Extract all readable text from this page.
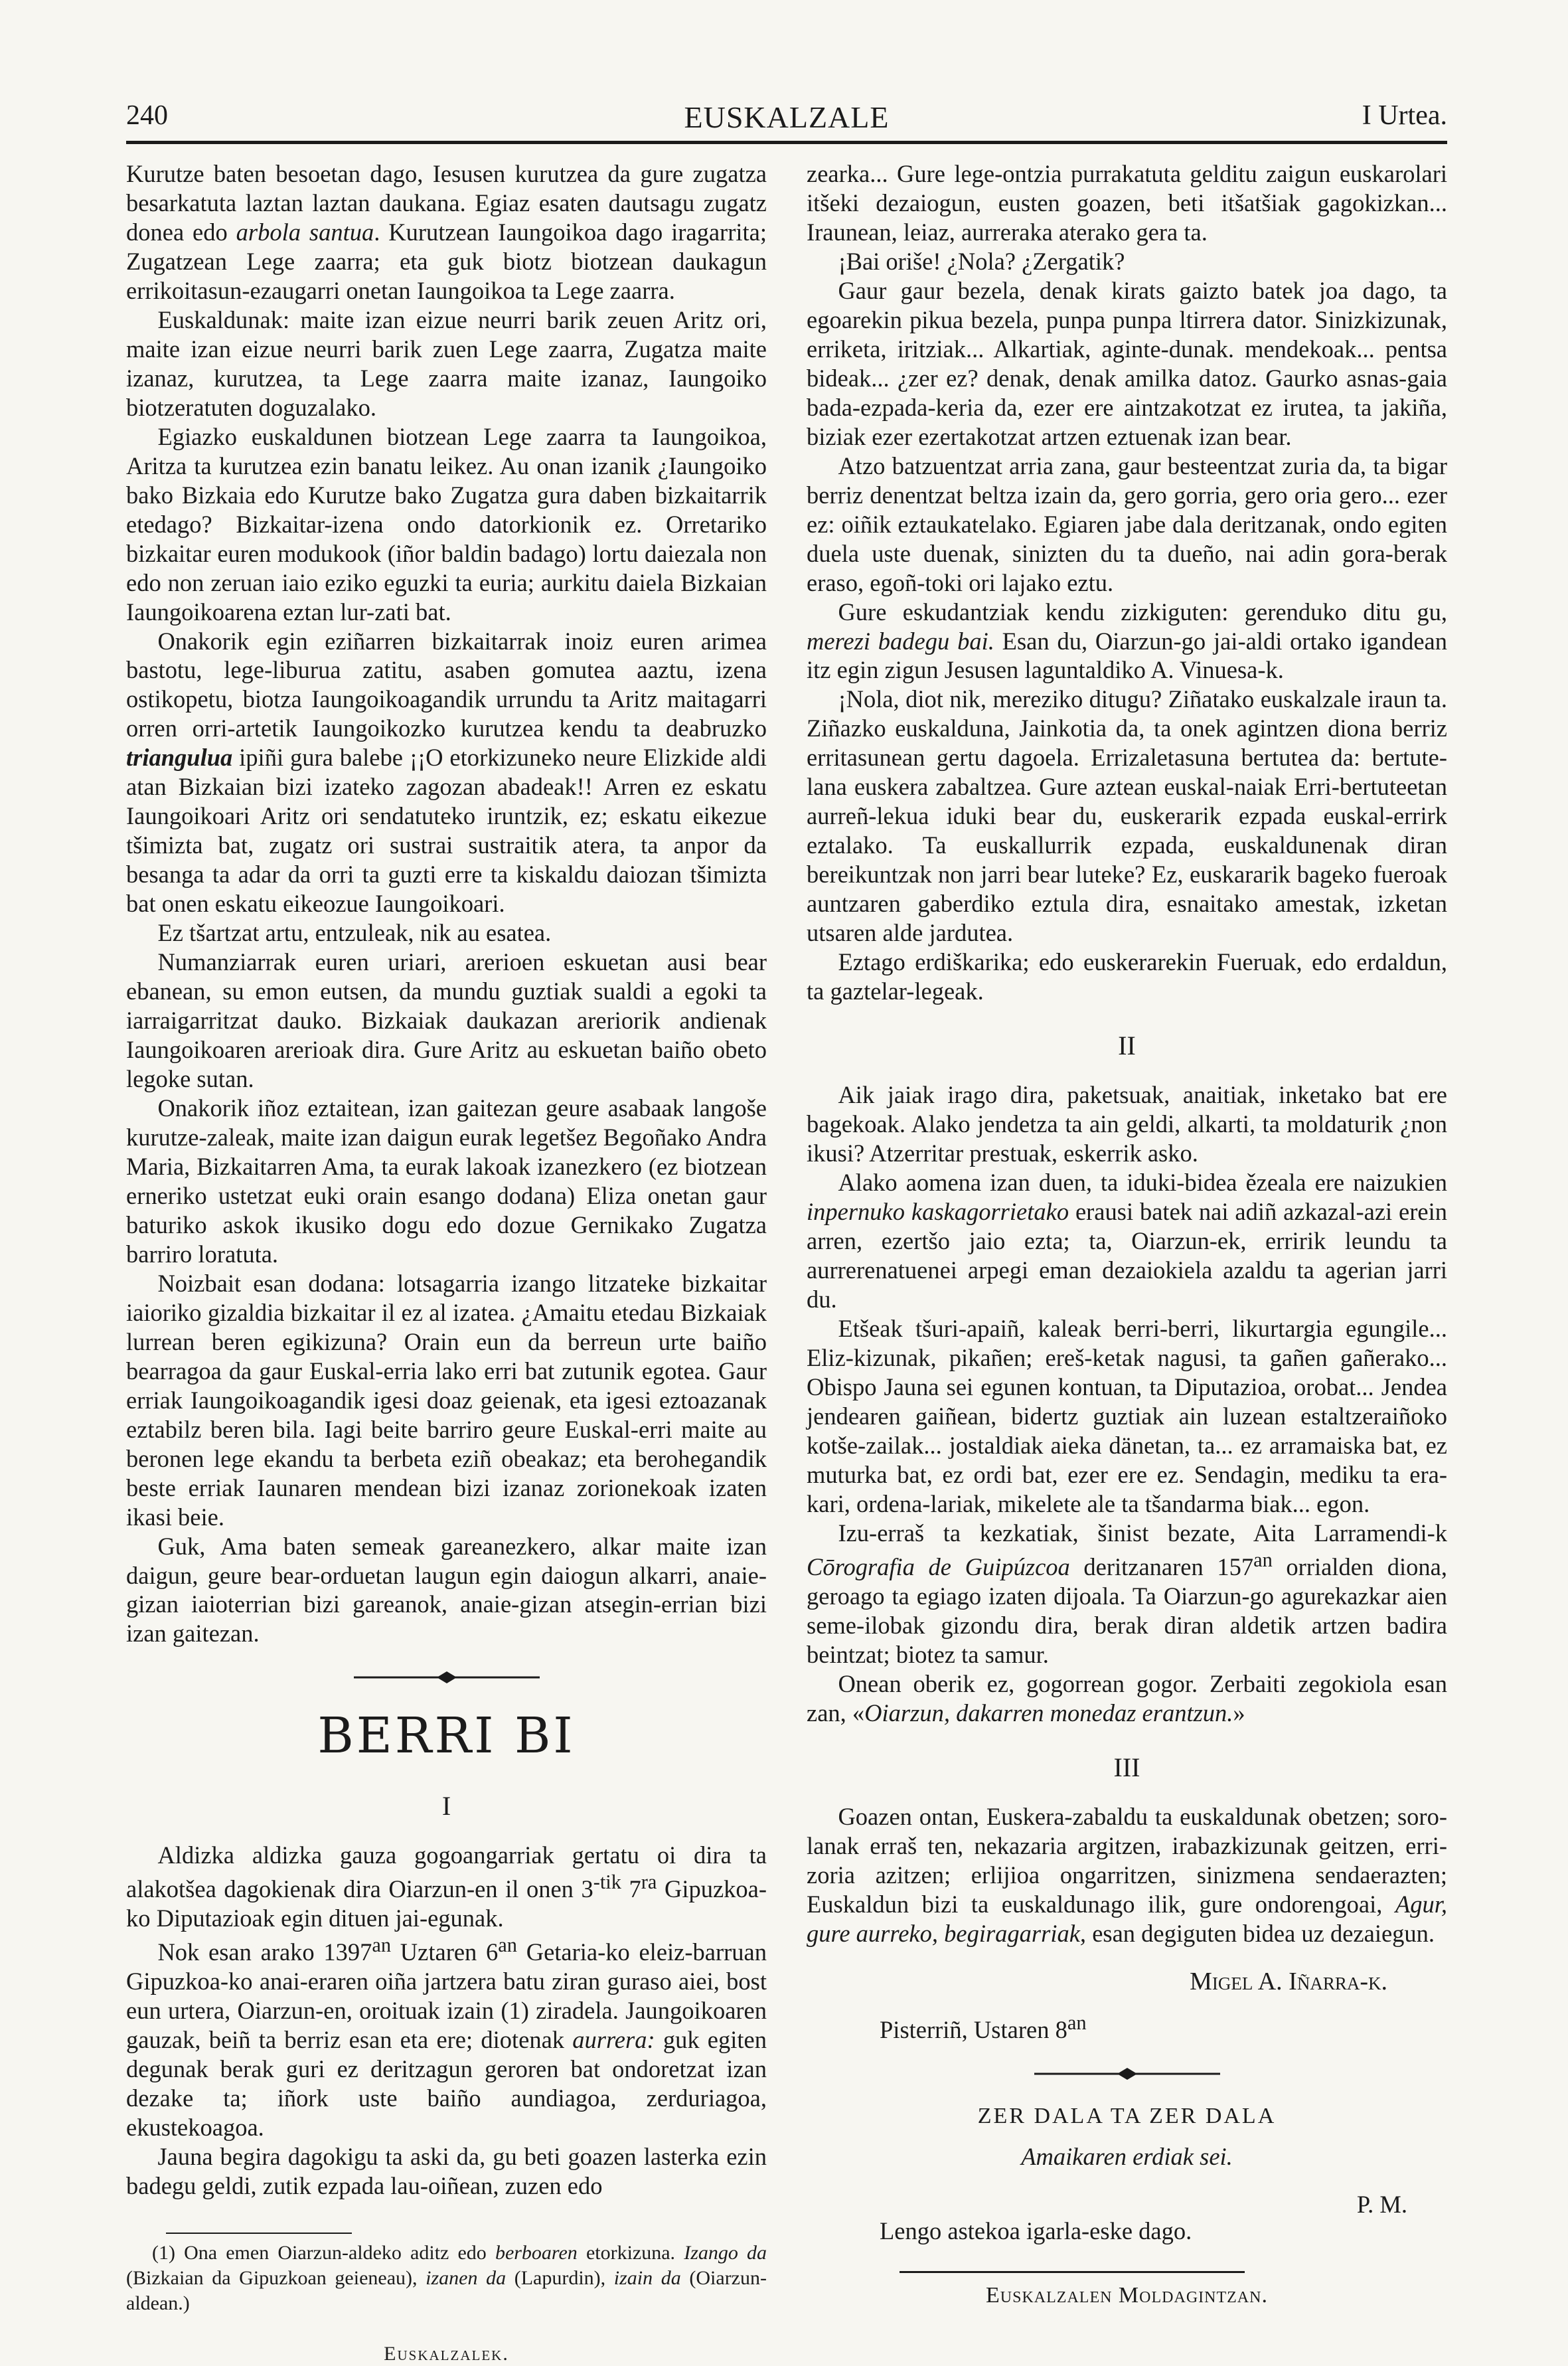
240	EUSKALZALE	I Urtea.

Kurutze baten besoetan dago, Iesusen kurutzea da gure zugatza besarkatuta laztan laztan daukana. Egiaz esaten dautsagu zugatz donea edo arbola santua. Kurutzean Iaungoikoa dago iragarrita; Zugatzean Lege zaarra; eta guk biotz biotzean daukagun errikoitasun-ezaugarri onetan Iaungoikoa ta Lege zaarra.

Euskaldunak: maite izan eizue neurri barik zeuen Aritz ori, maite izan eizue neurri barik zuen Lege zaarra, Zugatza maite izanaz, kurutzea, ta Lege zaarra maite izanaz, Iaungoiko biotzeratuten doguzalako.

Egiazko euskaldunen biotzean Lege zaarra ta Iaungoikoa, Aritza ta kurutzea ezin banatu leikez. Au onan izanik ¿Iaungoiko bako Bizkaia edo Kurutze bako Zugatza gura daben bizkaitarrik etedago? Bizkaitar-izena ondo datorkionik ez. Orretariko bizkaitar euren modukook (iñor baldin badago) lortu daiezala non edo non zeruan iaio eziko eguzki ta euria; aurkitu daiela Bizkaian Iaungoikoarena eztan lur-zati bat.

Onakorik egin eziñarren bizkaitarrak inoiz euren arimea bastotu, lege-liburua zatitu, asaben gomutea aaztu, izena ostikopetu, biotza Iaungoikoagandik urrundu ta Aritz maitagarri orren orri-artetik Iaungoikozko kurutzea kendu ta deabruzko triangulua ipiñi gura balebe ¡¡O etorkizuneko neure Elizkide aldi atan Bizkaian bizi izateko zagozan abadeak!! Arren ez eskatu Iaungoikoari Aritz ori sendatuteko iruntzik, ez; eskatu eikezue tšimizta bat, zugatz ori sustrai sustraitik atera, ta anpor da besanga ta adar da orri ta guzti erre ta kiskaldu daiozan tšimizta bat onen eskatu eikeozue Iaungoikoari.

Ez tšartzat artu, entzuleak, nik au esatea.

Numanziarrak euren uriari, arerioen eskuetan ausi bear ebanean, su emon eutsen, da mundu guztiak sualdi a egoki ta iarraigarritzat dauko. Bizkaiak daukazan areriorik andienak Iaungoikoaren arerioak dira. Gure Aritz au eskuetan baiño obeto legoke sutan.

Onakorik iñoz eztaitean, izan gaitezan geure asabaak langoše kurutze-zaleak, maite izan daigun eurak legetšez Begoñako Andra Maria, Bizkaitarren Ama, ta eurak lakoak izanezkero (ez biotzean erneriko ustetzat euki orain esango dodana) Eliza onetan gaur baturiko askok ikusiko dogu edo dozue Gernikako Zugatza barriro loratuta.

Noizbait esan dodana: lotsagarria izango litzateke bizkaitar iaioriko gizaldia bizkaitar il ez al izatea. ¿Amaitu etedau Bizkaiak lurrean beren egikizuna? Orain eun da berreun urte baiño bearragoa da gaur Euskal-erria lako erri bat zutunik egotea. Gaur erriak Iaungoikoagandik igesi doaz geienak, eta igesi eztoazanak eztabilz beren bila. Iagi beite barriro geure Euskal-erri maite au beronen lege ekandu ta berbeta eziñ obeakaz; eta berohegandik beste erriak Iaunaren mendean bizi izanaz zorionekoak izaten ikasi beie.

Guk, Ama baten semeak gareanezkero, alkar maite izan daigun, geure bear-orduetan laugun egin daiogun alkarri, anaie-gizan iaioterrian bizi gareanok, anaie-gizan atsegin-errian bizi izan gaitezan.

BERRI BI
I

Aldizka aldizka gauza gogoangarriak gertatu oi dira ta alakotšea dagokienak dira Oiarzun-en il onen $3^{-tik}$ $7^{ra}$ Gipuzkoa-ko Diputazioak egin dituen jai-egunak.

Nok esan arako $1397^{an}$ Uztaren $6^{an}$ Getaria-ko eleiz-barruan Gipuzkoa-ko anai-eraren oiña jartzera batu ziran guraso aiei, bost eun urtera, Oiarzun-en, oroituak izain (1) ziradela. Jaungoikoaren gauzak, beiñ ta berriz esan eta ere; diotenak aurrera: guk egiten degunak berak guri ez deritzagun geroren bat ondoretzat izan dezake ta; iñork uste baiño aundiagoa, zerduriagoa, ekustekoagoa.

Jauna begira dagokigu ta aski da, gu beti goazen lasterka ezin badegu geldi, zutik ezpada lau-oiñean, zuzen edo

(1) Ona emen Oiarzun-aldeko aditz edo berboaren etorkizuna. Izango da (Bizkaian da Gipuzkoan geieneau), izanen da (Lapurdin), izain da (Oiarzun-aldean.)

Euskalzalek.

zearka... Gure lege-ontzia purrakatuta gelditu zaigun euskarolari itšeki dezaiogun, eusten goazen, beti itšatšiak gagokizkan... Iraunean, leiaz, aurreraka aterako gera ta.

¡Bai oriše! ¿Nola? ¿Zergatik?

Gaur gaur bezela, denak kirats gaizto batek joa dago, ta egoarekin pikua bezela, punpa punpa ltirrera dator. Sinizkizunak, erriketa, iritziak... Alkartiak, aginte-dunak. mendekoak... pentsa bideak... ¿zer ez? denak, denak amilka datoz. Gaurko asnas-gaia bada-ezpada-keria da, ezer ere aintzakotzat ez irutea, ta jakiña, biziak ezer ezertakotzat artzen eztuenak izan bear.

Atzo batzuentzat arria zana, gaur besteentzat zuria da, ta bigar berriz denentzat beltza izain da, gero gorria, gero oria gero... ezer ez: oiñik eztaukatelako. Egiaren jabe dala deritzanak, ondo egiten duela uste duenak, sinizten du ta dueño, nai adin gora-berak eraso, egoñ-toki ori lajako eztu.

Gure eskudantziak kendu zizkiguten: gerenduko ditu gu, merezi badegu bai. Esan du, Oiarzun-go jai-aldi ortako igandean itz egin zigun Jesusen laguntaldiko A. Vinuesa-k.

¡Nola, diot nik, mereziko ditugu? Ziñatako euskalzale iraun ta. Ziñazko euskalduna, Jainkotia da, ta onek agintzen diona berriz erritasunean gertu dagoela. Errizaletasuna bertutea da: bertute-lana euskera zabaltzea. Gure aztean euskal-naiak Erri-bertuteetan aurreñ-lekua iduki bear du, euskerarik ezpada euskal-errirk eztalako. Ta euskallurrik ezpada, euskaldunenak diran bereikuntzak non jarri bear luteke? Ez, euskararik bageko fueroak auntzaren gaberdiko eztula dira, esnaitako amestak, izketan utsaren alde jardutea.

Eztago erdiškarika; edo euskerarekin Fueruak, edo erdaldun, ta gaztelar-legeak.

II

Aik jaiak irago dira, paketsuak, anaitiak, inketako bat ere bagekoak. Alako jendetza ta ain geldi, alkarti, ta moldaturik ¿non ikusi? Atzerritar prestuak, eskerrik asko.

Alako aomena izan duen, ta iduki-bidea ězeala ere naizukien inpernuko kaskagorrietako erausi batek nai adiñ azkazal-azi erein arren, ezertšo jaio ezta; ta, Oiarzun-ek, erririk leundu ta aurrerenatuenei arpegi eman dezaiokiela azaldu ta agerian jarri du.

Etšeak tšuri-apaiñ, kaleak berri-berri, likurtargia egungile... Eliz-kizunak, pikañen; ereš-ketak nagusi, ta gañen gañerako... Obispo Jauna sei egunen kontuan, ta Diputazioa, orobat... Jendea jendearen gaiñean, bidertz guztiak ain luzean estaltzeraiñoko kotše-zailak... jostaldiak aieka dänetan, ta... ez arramaiska bat, ez muturka bat, ez ordi bat, ezer ere ez. Sendagin, mediku ta era-kari, ordena-lariak, mikelete ale ta tšandarma biak... egon.

Izu-erraš ta kezkatiak, šinist bezate, Aita Larramendi-k Cōrografia de Guipúzcoa deritzanaren $157^{an}$ orrialden diona, geroago ta egiago izaten dijoala. Ta Oiarzun-go agurekazkar aien seme-ilobak gizondu dira, berak diran aldetik artzen badira beintzat; biotez ta samur.

Onean oberik ez, gogorrean gogor. Zerbaiti zegokiola esan zan, «Oiarzun, dakarren monedaz erantzun.»

III

Goazen ontan, Euskera-zabaldu ta euskaldunak obetzen; soro-lanak erraš ten, nekazaria argitzen, irabazkizunak geitzen, erri-zoria azitzen; erlijioa ongarritzen, sinizmena sendaerazten; Euskaldun bizi ta euskaldunago ilik, gure ondorengoai, Agur, gure aurreko, begiragarriak, esan degiguten bidea uz dezaiegun.

Migel A. Iñarra-k.
Pisterriñ, Ustaren $8^{an}$
ZER DALA TA ZER DALA
Amaikaren erdiak sei.
P. M.
Lengo astekoa igarla-eske dago.
Euskalzalen Moldagintzan.
